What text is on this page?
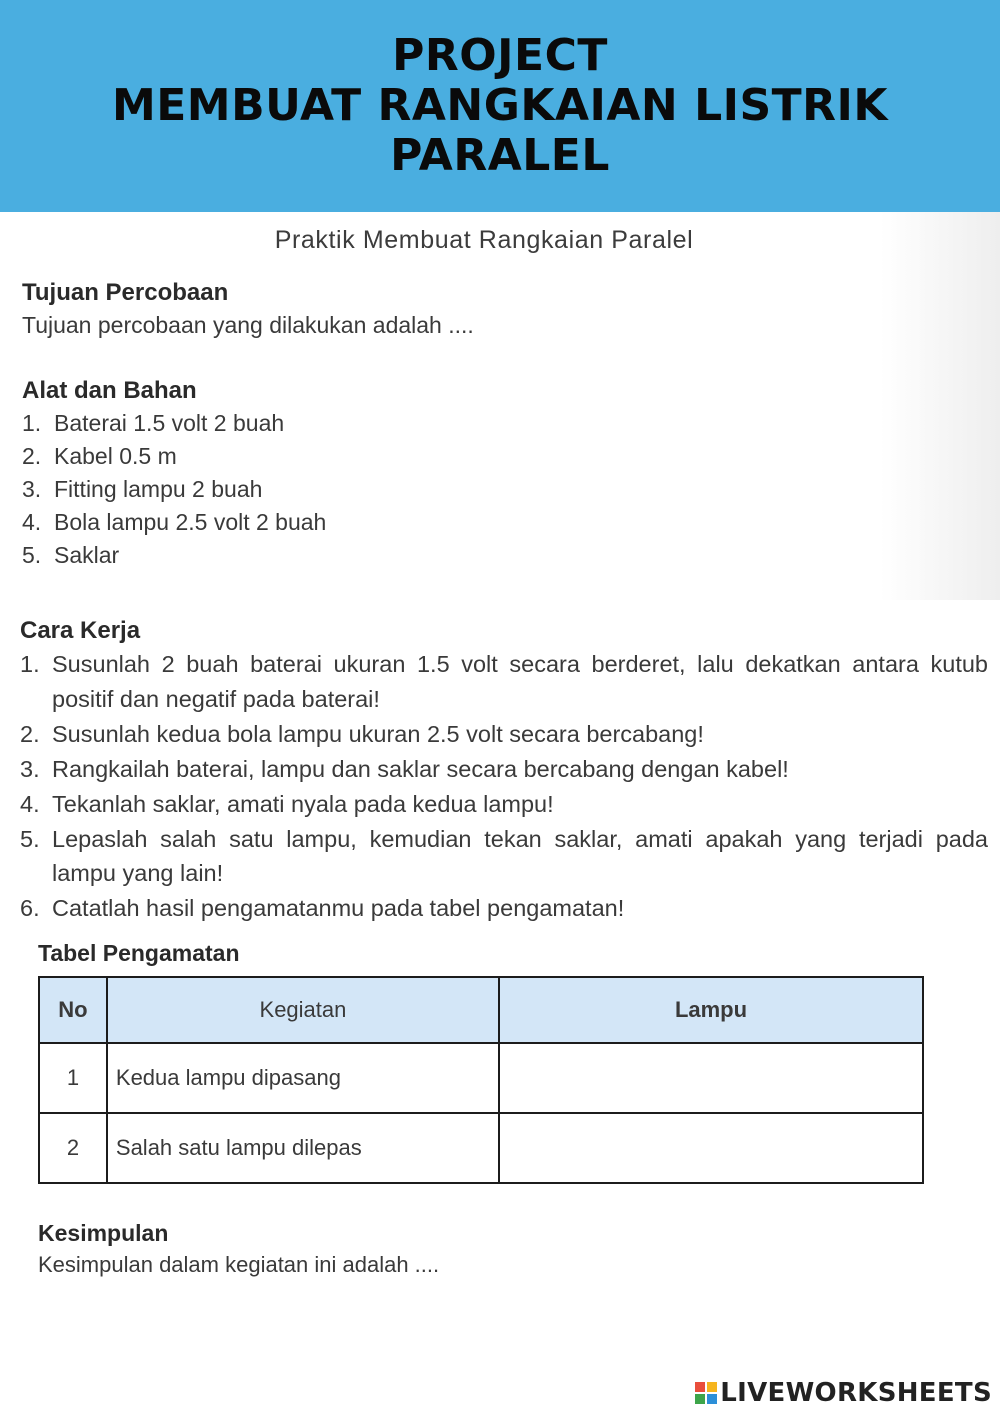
PROJECT
MEMBUAT RANGKAIAN LISTRIK
PARALEL
Praktik Membuat Rangkaian Paralel
Tujuan Percobaan
Tujuan percobaan yang dilakukan adalah ....
Alat dan Bahan
1. Baterai 1.5 volt 2 buah
2. Kabel 0.5 m
3. Fitting lampu 2 buah
4. Bola lampu 2.5 volt 2 buah
5. Saklar
Cara Kerja
1. Susunlah 2 buah baterai ukuran 1.5 volt secara berderet, lalu dekatkan antara kutub positif dan negatif pada baterai!
2. Susunlah kedua bola lampu ukuran 2.5 volt secara bercabang!
3. Rangkailah baterai, lampu dan saklar secara bercabang dengan kabel!
4. Tekanlah saklar, amati nyala pada kedua lampu!
5. Lepaslah salah satu lampu, kemudian tekan saklar, amati apakah yang terjadi pada lampu yang lain!
6. Catatlah hasil pengamatanmu pada tabel pengamatan!
Tabel Pengamatan
No	Kegiatan	Lampu
1	Kedua lampu dipasang	
2	Salah satu lampu dilepas	
Kesimpulan
Kesimpulan dalam kegiatan ini adalah ....
LIVEWORKSHEETS
